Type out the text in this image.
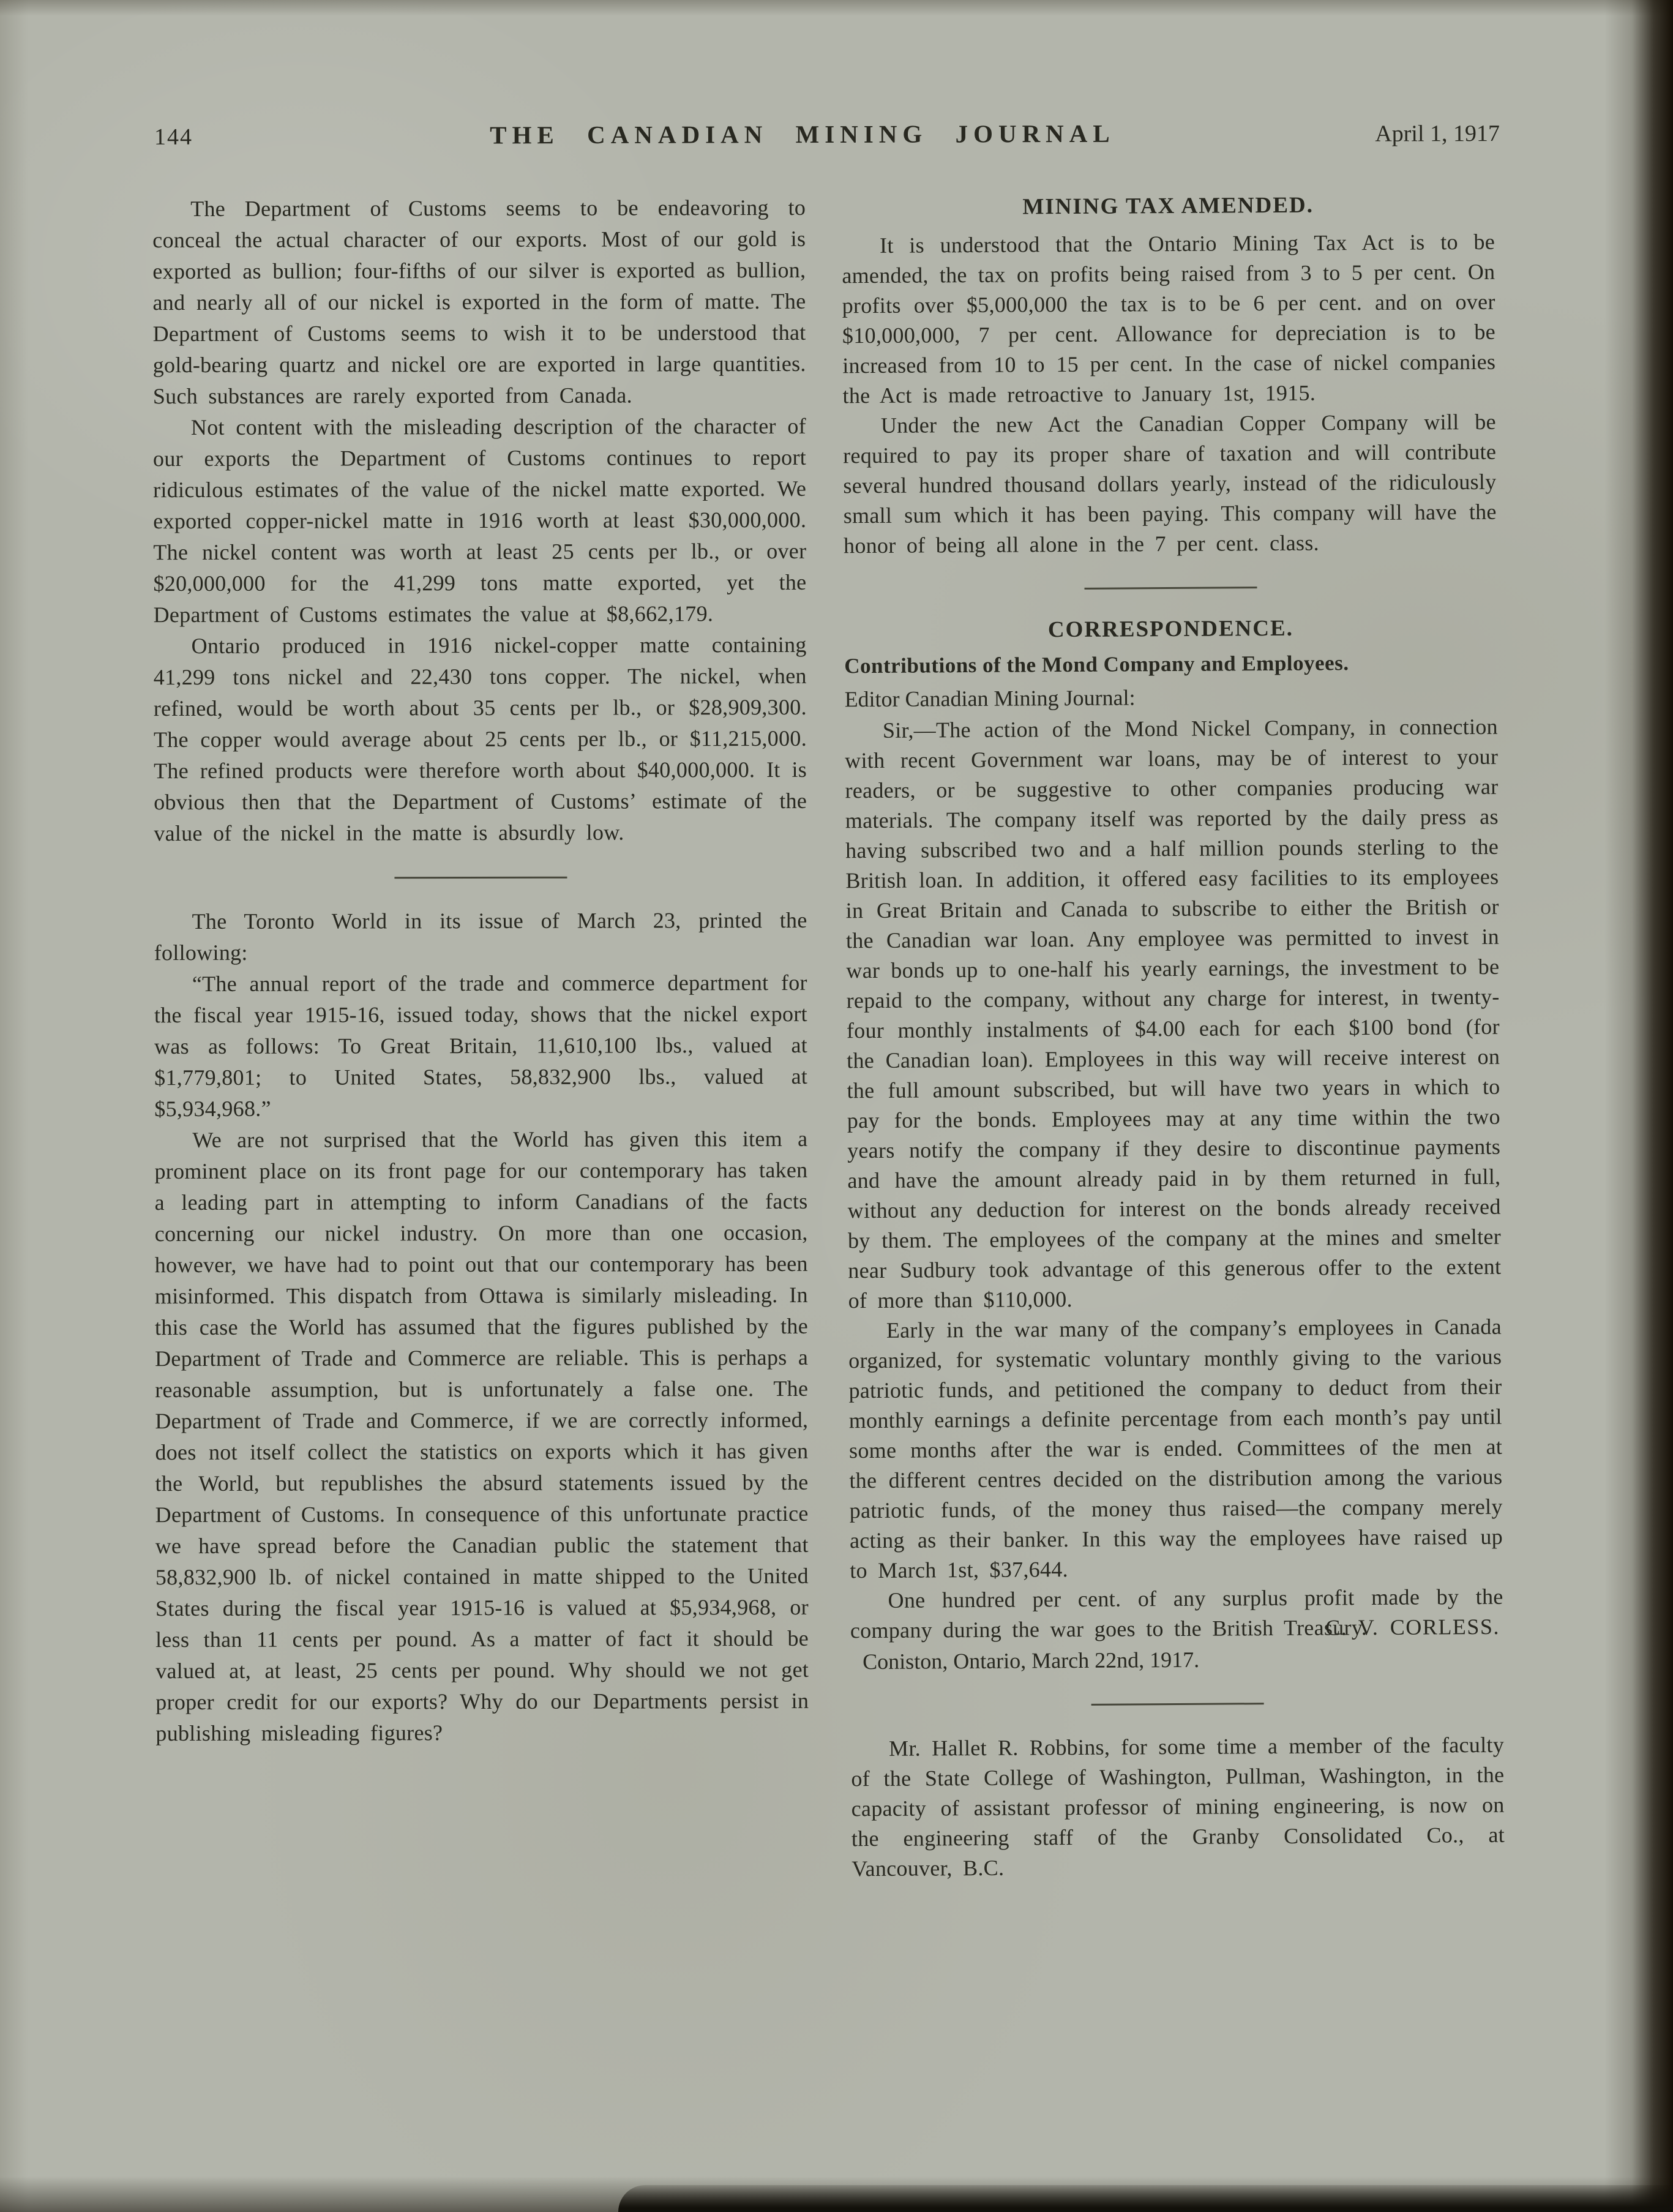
144	THE CANADIAN MINING JOURNAL	April 1, 1917

The Department of Customs seems to be endeavoring to conceal the actual character of our exports. Most of our gold is exported as bullion; four-fifths of our silver is exported as bullion, and nearly all of our nickel is exported in the form of matte. The Department of Customs seems to wish it to be understood that gold-bearing quartz and nickel ore are exported in large quantities. Such substances are rarely exported from Canada.

Not content with the misleading description of the character of our exports the Department of Customs continues to report ridiculous estimates of the value of the nickel matte exported. We exported copper-nickel matte in 1916 worth at least $30,000,000. The nickel content was worth at least 25 cents per lb., or over $20,000,000 for the 41,299 tons matte exported, yet the Department of Customs estimates the value at $8,662,179.

Ontario produced in 1916 nickel-copper matte containing 41,299 tons nickel and 22,430 tons copper. The nickel, when refined, would be worth about 35 cents per lb., or $28,909,300. The copper would average about 25 cents per lb., or $11,215,000. The refined products were therefore worth about $40,000,000. It is obvious then that the Department of Customs’ estimate of the value of the nickel in the matte is absurdly low.

The Toronto World in its issue of March 23, printed the following:

“The annual report of the trade and commerce department for the fiscal year 1915-16, issued today, shows that the nickel export was as follows: To Great Britain, 11,610,100 lbs., valued at $1,779,801; to United States, 58,832,900 lbs., valued at $5,934,968.”

We are not surprised that the World has given this item a prominent place on its front page for our contemporary has taken a leading part in attempting to inform Canadians of the facts concerning our nickel industry. On more than one occasion, however, we have had to point out that our contemporary has been misinformed. This dispatch from Ottawa is similarly misleading. In this case the World has assumed that the figures published by the Department of Trade and Commerce are reliable. This is perhaps a reasonable assumption, but is unfortunately a false one. The Department of Trade and Commerce, if we are correctly informed, does not itself collect the statistics on exports which it has given the World, but republishes the absurd statements issued by the Department of Customs. In consequence of this unfortunate practice we have spread before the Canadian public the statement that 58,832,900 lb. of nickel contained in matte shipped to the United States during the fiscal year 1915-16 is valued at $5,934,968, or less than 11 cents per pound. As a matter of fact it should be valued at, at least, 25 cents per pound. Why should we not get proper credit for our exports? Why do our Departments persist in publishing misleading figures?

MINING TAX AMENDED.

It is understood that the Ontario Mining Tax Act is to be amended, the tax on profits being raised from 3 to 5 per cent. On profits over $5,000,000 the tax is to be 6 per cent. and on over $10,000,000, 7 per cent. Allowance for depreciation is to be increased from 10 to 15 per cent. In the case of nickel companies the Act is made retroactive to January 1st, 1915.

Under the new Act the Canadian Copper Company will be required to pay its proper share of taxation and will contribute several hundred thousand dollars yearly, instead of the ridiculously small sum which it has been paying. This company will have the honor of being all alone in the 7 per cent. class.

CORRESPONDENCE.
Contributions of the Mond Company and Employees.

Editor Canadian Mining Journal:

Sir,—The action of the Mond Nickel Company, in connection with recent Government war loans, may be of interest to your readers, or be suggestive to other companies producing war materials. The company itself was reported by the daily press as having subscribed two and a half million pounds sterling to the British loan. In addition, it offered easy facilities to its employees in Great Britain and Canada to subscribe to either the British or the Canadian war loan. Any employee was permitted to invest in war bonds up to one-half his yearly earnings, the investment to be repaid to the company, without any charge for interest, in twenty-four monthly instalments of $4.00 each for each $100 bond (for the Canadian loan). Employees in this way will receive interest on the full amount subscribed, but will have two years in which to pay for the bonds. Employees may at any time within the two years notify the company if they desire to discontinue payments and have the amount already paid in by them returned in full, without any deduction for interest on the bonds already received by them. The employees of the company at the mines and smelter near Sudbury took advantage of this generous offer to the extent of more than $110,000.

Early in the war many of the company’s employees in Canada organized, for systematic voluntary monthly giving to the various patriotic funds, and petitioned the company to deduct from their monthly earnings a definite percentage from each month’s pay until some months after the war is ended. Committees of the men at the different centres decided on the distribution among the various patriotic funds, of the money thus raised—the company merely acting as their banker. In this way the employees have raised up to March 1st, $37,644.

One hundred per cent. of any surplus profit made by the company during the war goes to the British Treasury.
C. V. CORLESS.

Coniston, Ontario, March 22nd, 1917.

Mr. Hallet R. Robbins, for some time a member of the faculty of the State College of Washington, Pullman, Washington, in the capacity of assistant professor of mining engineering, is now on the engineering staff of the Granby Consolidated Co., at Vancouver, B.C.
